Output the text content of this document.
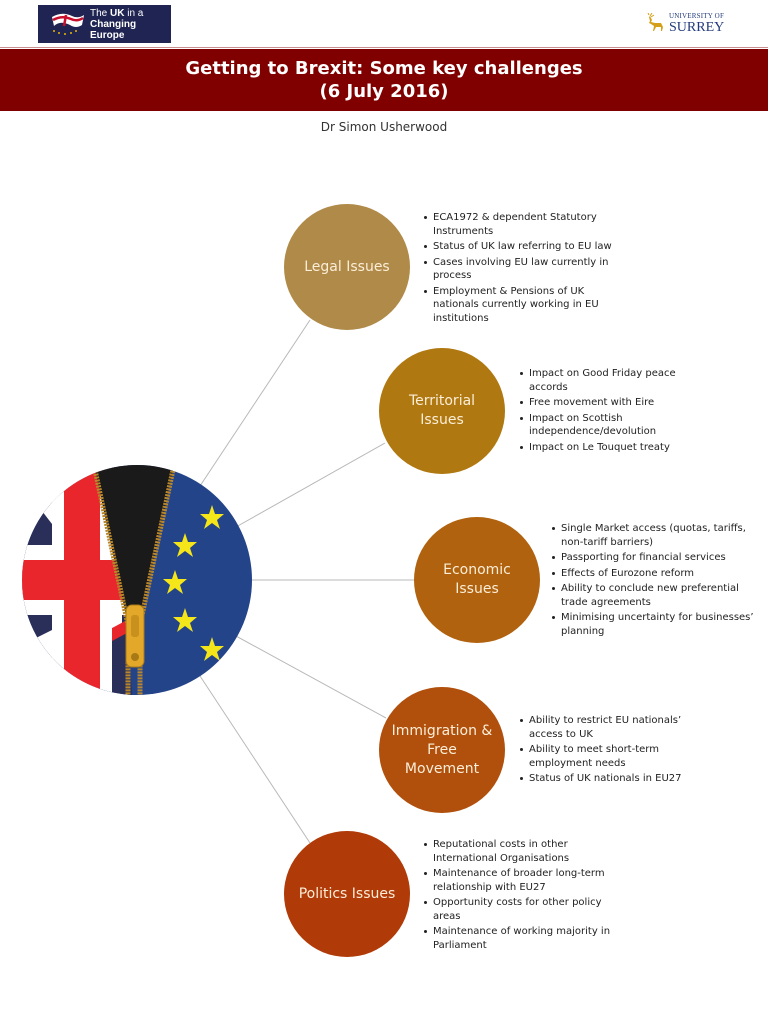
The UK in a
Changing Europe
UNIVERSITY OF
SURREY
Getting to Brexit: Some key challenges
(6 July 2016)
Dr Simon Usherwood
Legal Issues
ECA1972 & dependent Statutory Instruments
Status of UK law referring to EU law
Cases involving EU law currently in process
Employment & Pensions of UK nationals currently working in EU institutions
Territorial Issues
Impact on Good Friday peace accords
Free movement with Eire
Impact on Scottish independence/devolution
Impact on Le Touquet treaty
Economic Issues
Single Market access (quotas, tariffs, non-tariff barriers)
Passporting for financial services
Effects of Eurozone reform
Ability to conclude new preferential trade agreements
Minimising uncertainty for businesses’ planning
Immigration & Free Movement
Ability to restrict EU nationals’ access to UK
Ability to meet short-term employment needs
Status of UK nationals in EU27
Politics Issues
Reputational costs in other International Organisations
Maintenance of broader long-term relationship with EU27
Opportunity costs for other policy areas
Maintenance of working majority in Parliament
